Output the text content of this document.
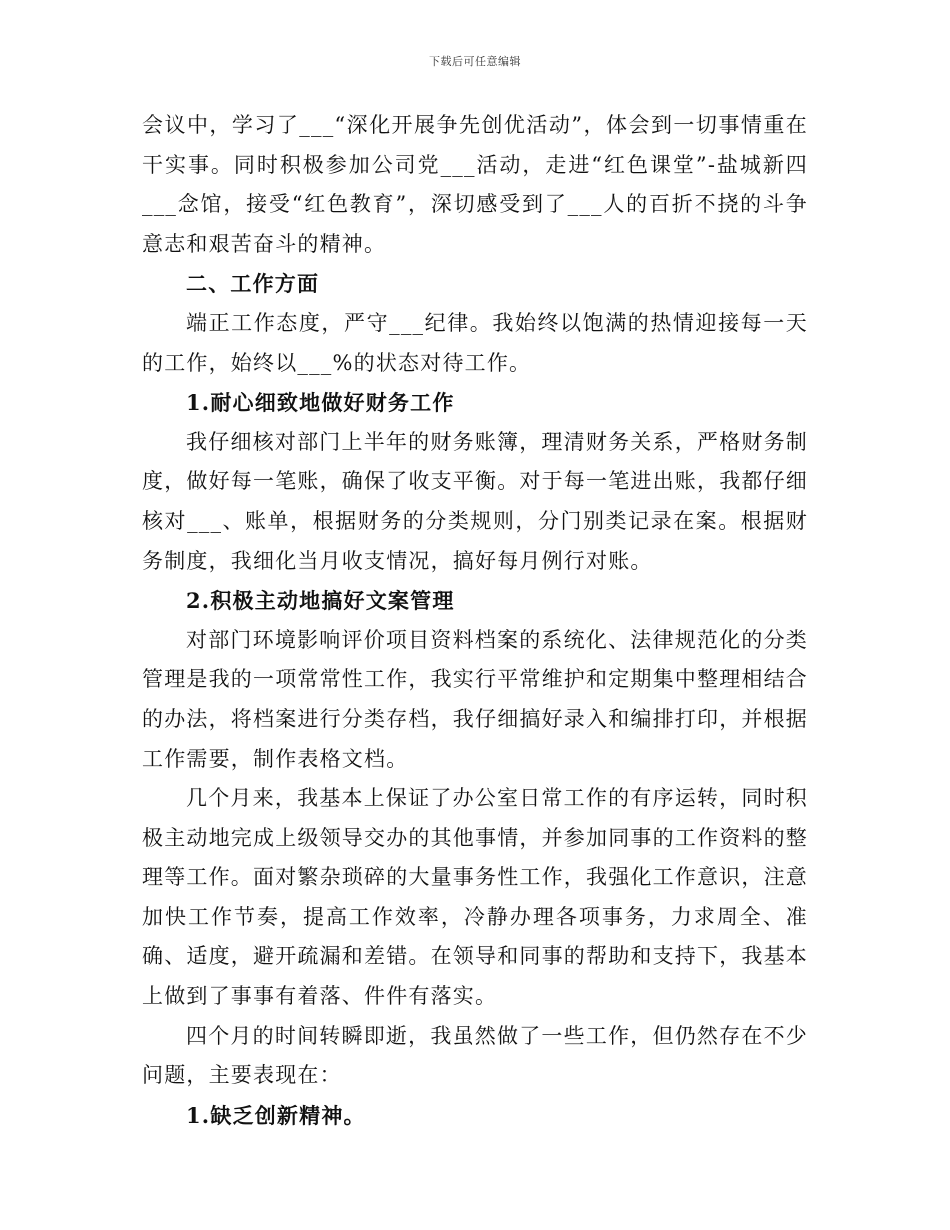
下载后可任意编辑

会议中，学习了___“深化开展争先创优活动”，体会到一切事情重在干实事。同时积极参加公司党___活动，走进“红色课堂”-盐城新四___念馆，接受“红色教育”，深切感受到了___人的百折不挠的斗争意志和艰苦奋斗的精神。

二、工作方面

端正工作态度，严守___纪律。我始终以饱满的热情迎接每一天的工作，始终以___%的状态对待工作。

1.耐心细致地做好财务工作

我仔细核对部门上半年的财务账簿，理清财务关系，严格财务制度，做好每一笔账，确保了收支平衡。对于每一笔进出账，我都仔细核对___、账单，根据财务的分类规则，分门别类记录在案。根据财务制度，我细化当月收支情况，搞好每月例行对账。

2.积极主动地搞好文案管理

对部门环境影响评价项目资料档案的系统化、法律规范化的分类管理是我的一项常常性工作，我实行平常维护和定期集中整理相结合的办法，将档案进行分类存档，我仔细搞好录入和编排打印，并根据工作需要，制作表格文档。

几个月来，我基本上保证了办公室日常工作的有序运转，同时积极主动地完成上级领导交办的其他事情，并参加同事的工作资料的整理等工作。面对繁杂琐碎的大量事务性工作，我强化工作意识，注意加快工作节奏，提高工作效率，冷静办理各项事务，力求周全、准确、适度，避开疏漏和差错。在领导和同事的帮助和支持下，我基本上做到了事事有着落、件件有落实。

四个月的时间转瞬即逝，我虽然做了一些工作，但仍然存在不少问题，主要表现在：

1.缺乏创新精神。
